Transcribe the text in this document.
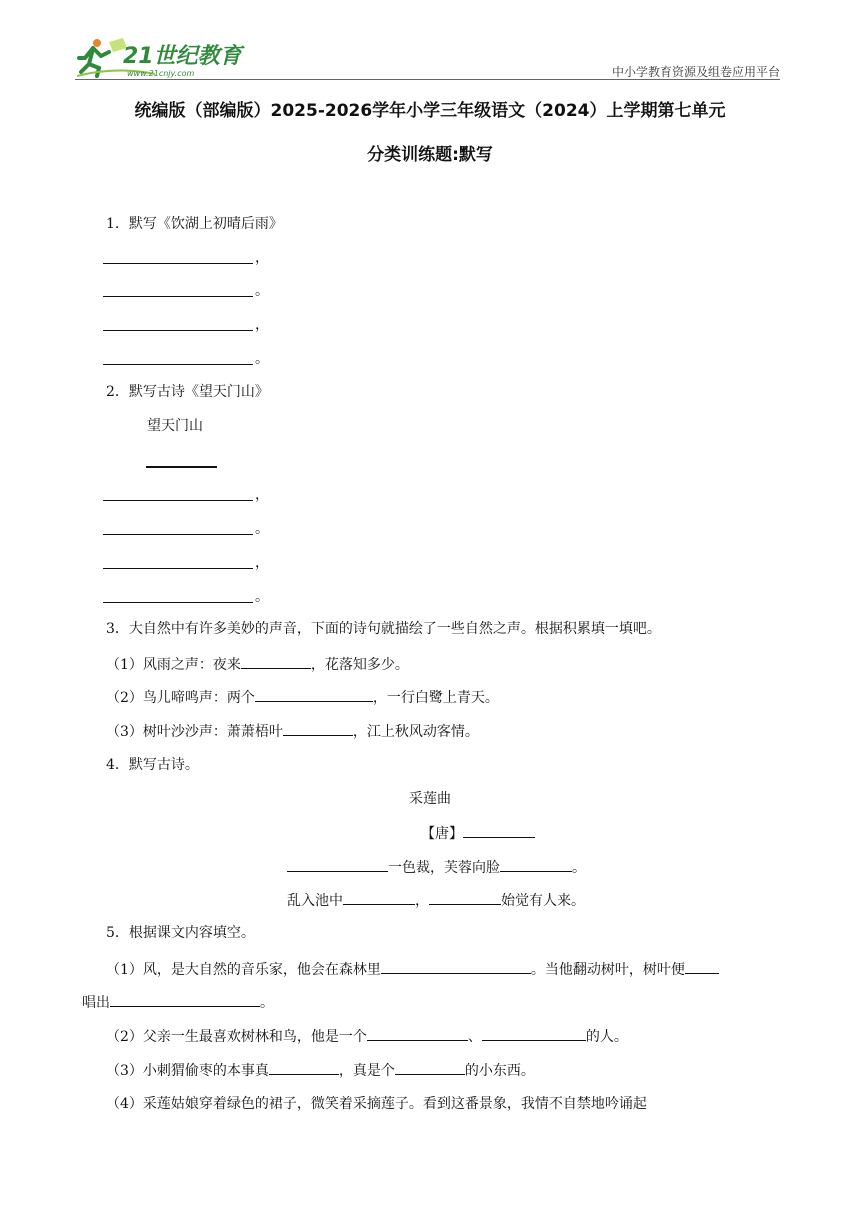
21世纪教育
www.21cnjy.com	中小学教育资源及组卷应用平台
统编版（部编版）2025-2026学年小学三年级语文（2024）上学期第七单元
分类训练题:默写
1．默写《饮湖上初晴后雨》
，
。
，
。
2．默写古诗《望天门山》
望天门山
，
。
，
。
3．大自然中有许多美妙的声音，下面的诗句就描绘了一些自然之声。根据积累填一填吧。
（1）风雨之声：夜来	，花落知多少。
（2）鸟儿啼鸣声：两个	，一行白鹭上青天。
（3）树叶沙沙声：萧萧梧叶	，江上秋风动客情。
4．默写古诗。
采莲曲
【唐】
一色裁，芙蓉向脸	。
乱入池中	，	始觉有人来。
5．根据课文内容填空。
（1）风，是大自然的音乐家，他会在森林里	。当他翻动树叶，树叶便
唱出	。
（2）父亲一生最喜欢树林和鸟，他是一个	、	的人。
（3）小刺猬偷枣的本事真	，真是个	的小东西。
（4）采莲姑娘穿着绿色的裙子，微笑着采摘莲子。看到这番景象，我情不自禁地吟诵起
